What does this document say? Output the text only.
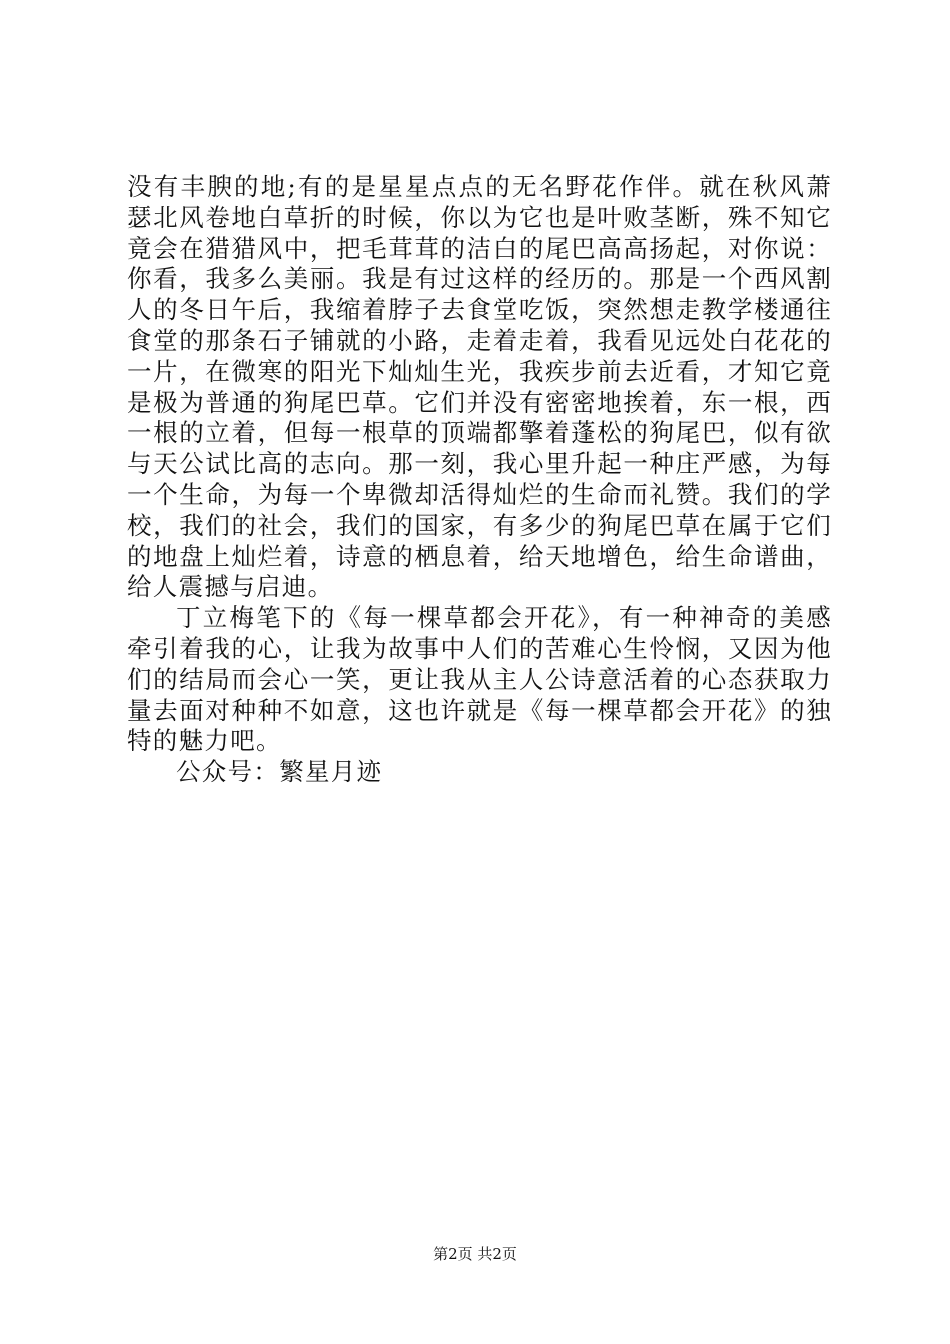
没有丰腴的地;有的是星星点点的无名野花作伴。就在秋风萧瑟北风卷地白草折的时候，你以为它也是叶败茎断，殊不知它竟会在猎猎风中，把毛茸茸的洁白的尾巴高高扬起，对你说：你看，我多么美丽。我是有过这样的经历的。那是一个西风割人的冬日午后，我缩着脖子去食堂吃饭，突然想走教学楼通往食堂的那条石子铺就的小路，走着走着，我看见远处白花花的一片，在微寒的阳光下灿灿生光，我疾步前去近看，才知它竟是极为普通的狗尾巴草。它们并没有密密地挨着，东一根，西一根的立着，但每一根草的顶端都擎着蓬松的狗尾巴，似有欲与天公试比高的志向。那一刻，我心里升起一种庄严感，为每一个生命，为每一个卑微却活得灿烂的生命而礼赞。我们的学校，我们的社会，我们的国家，有多少的狗尾巴草在属于它们的地盘上灿烂着，诗意的栖息着，给天地增色，给生命谱曲，给人震撼与启迪。

丁立梅笔下的《每一棵草都会开花》，有一种神奇的美感牵引着我的心，让我为故事中人们的苦难心生怜悯，又因为他们的结局而会心一笑，更让我从主人公诗意活着的心态获取力量去面对种种不如意，这也许就是《每一棵草都会开花》的独特的魅力吧。

公众号：繁星月迹

第2页 共2页
